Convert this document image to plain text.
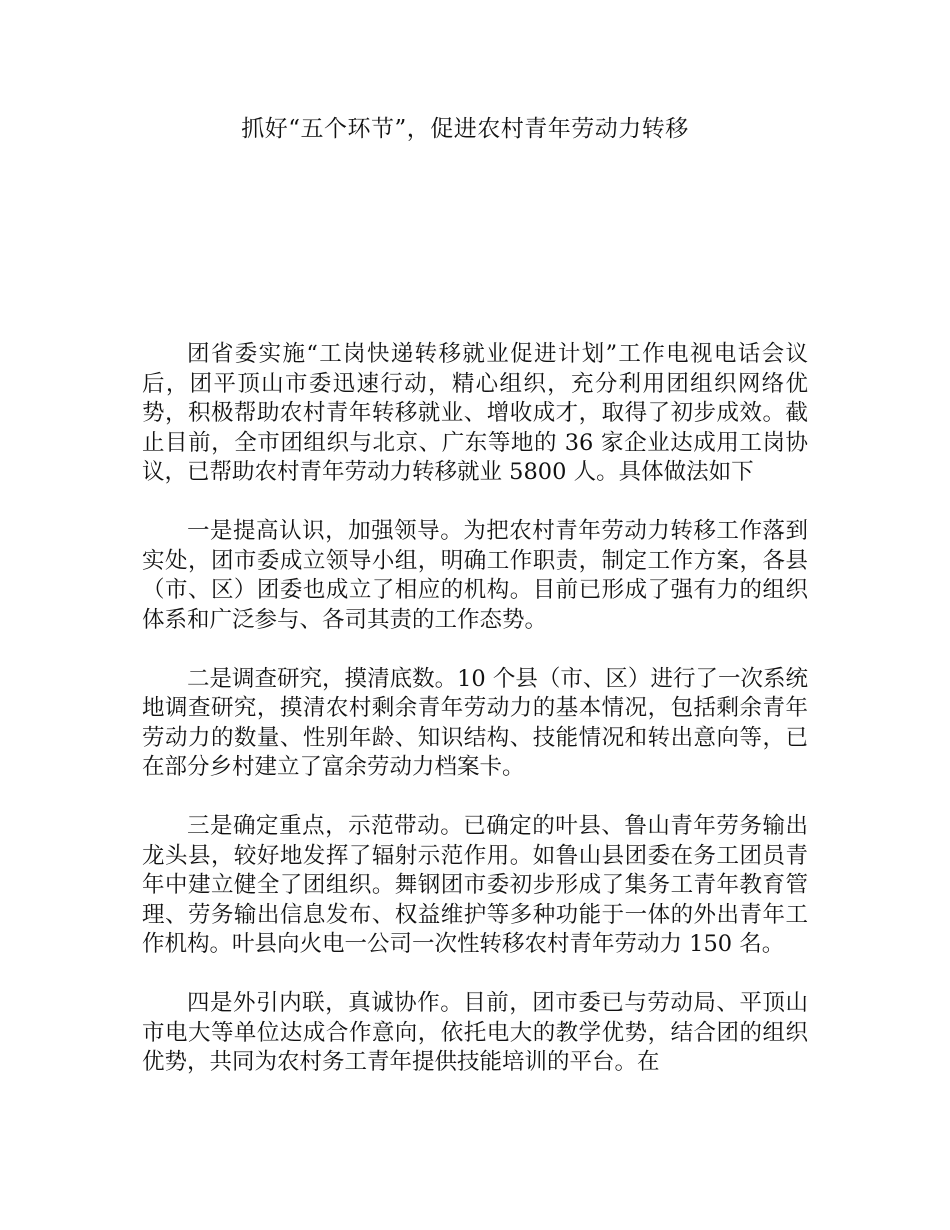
抓好“五个环节”，促进农村青年劳动力转移

团省委实施“工岗快递转移就业促进计划”工作电视电话会议后，团平顶山市委迅速行动，精心组织，充分利用团组织网络优势，积极帮助农村青年转移就业、增收成才，取得了初步成效。截止目前，全市团组织与北京、广东等地的 36 家企业达成用工岗协议，已帮助农村青年劳动力转移就业 5800 人。具体做法如下

一是提高认识，加强领导。为把农村青年劳动力转移工作落到实处，团市委成立领导小组，明确工作职责，制定工作方案，各县（市、区）团委也成立了相应的机构。目前已形成了强有力的组织体系和广泛参与、各司其责的工作态势。

二是调查研究，摸清底数。10 个县（市、区）进行了一次系统地调查研究，摸清农村剩余青年劳动力的基本情况，包括剩余青年劳动力的数量、性别年龄、知识结构、技能情况和转出意向等，已在部分乡村建立了富余劳动力档案卡。

三是确定重点，示范带动。已确定的叶县、鲁山青年劳务输出龙头县，较好地发挥了辐射示范作用。如鲁山县团委在务工团员青年中建立健全了团组织。舞钢团市委初步形成了集务工青年教育管理、劳务输出信息发布、权益维护等多种功能于一体的外出青年工作机构。叶县向火电一公司一次性转移农村青年劳动力 150 名。

四是外引内联，真诚协作。目前，团市委已与劳动局、平顶山市电大等单位达成合作意向，依托电大的教学优势，结合团的组织优势，共同为农村务工青年提供技能培训的平台。在
